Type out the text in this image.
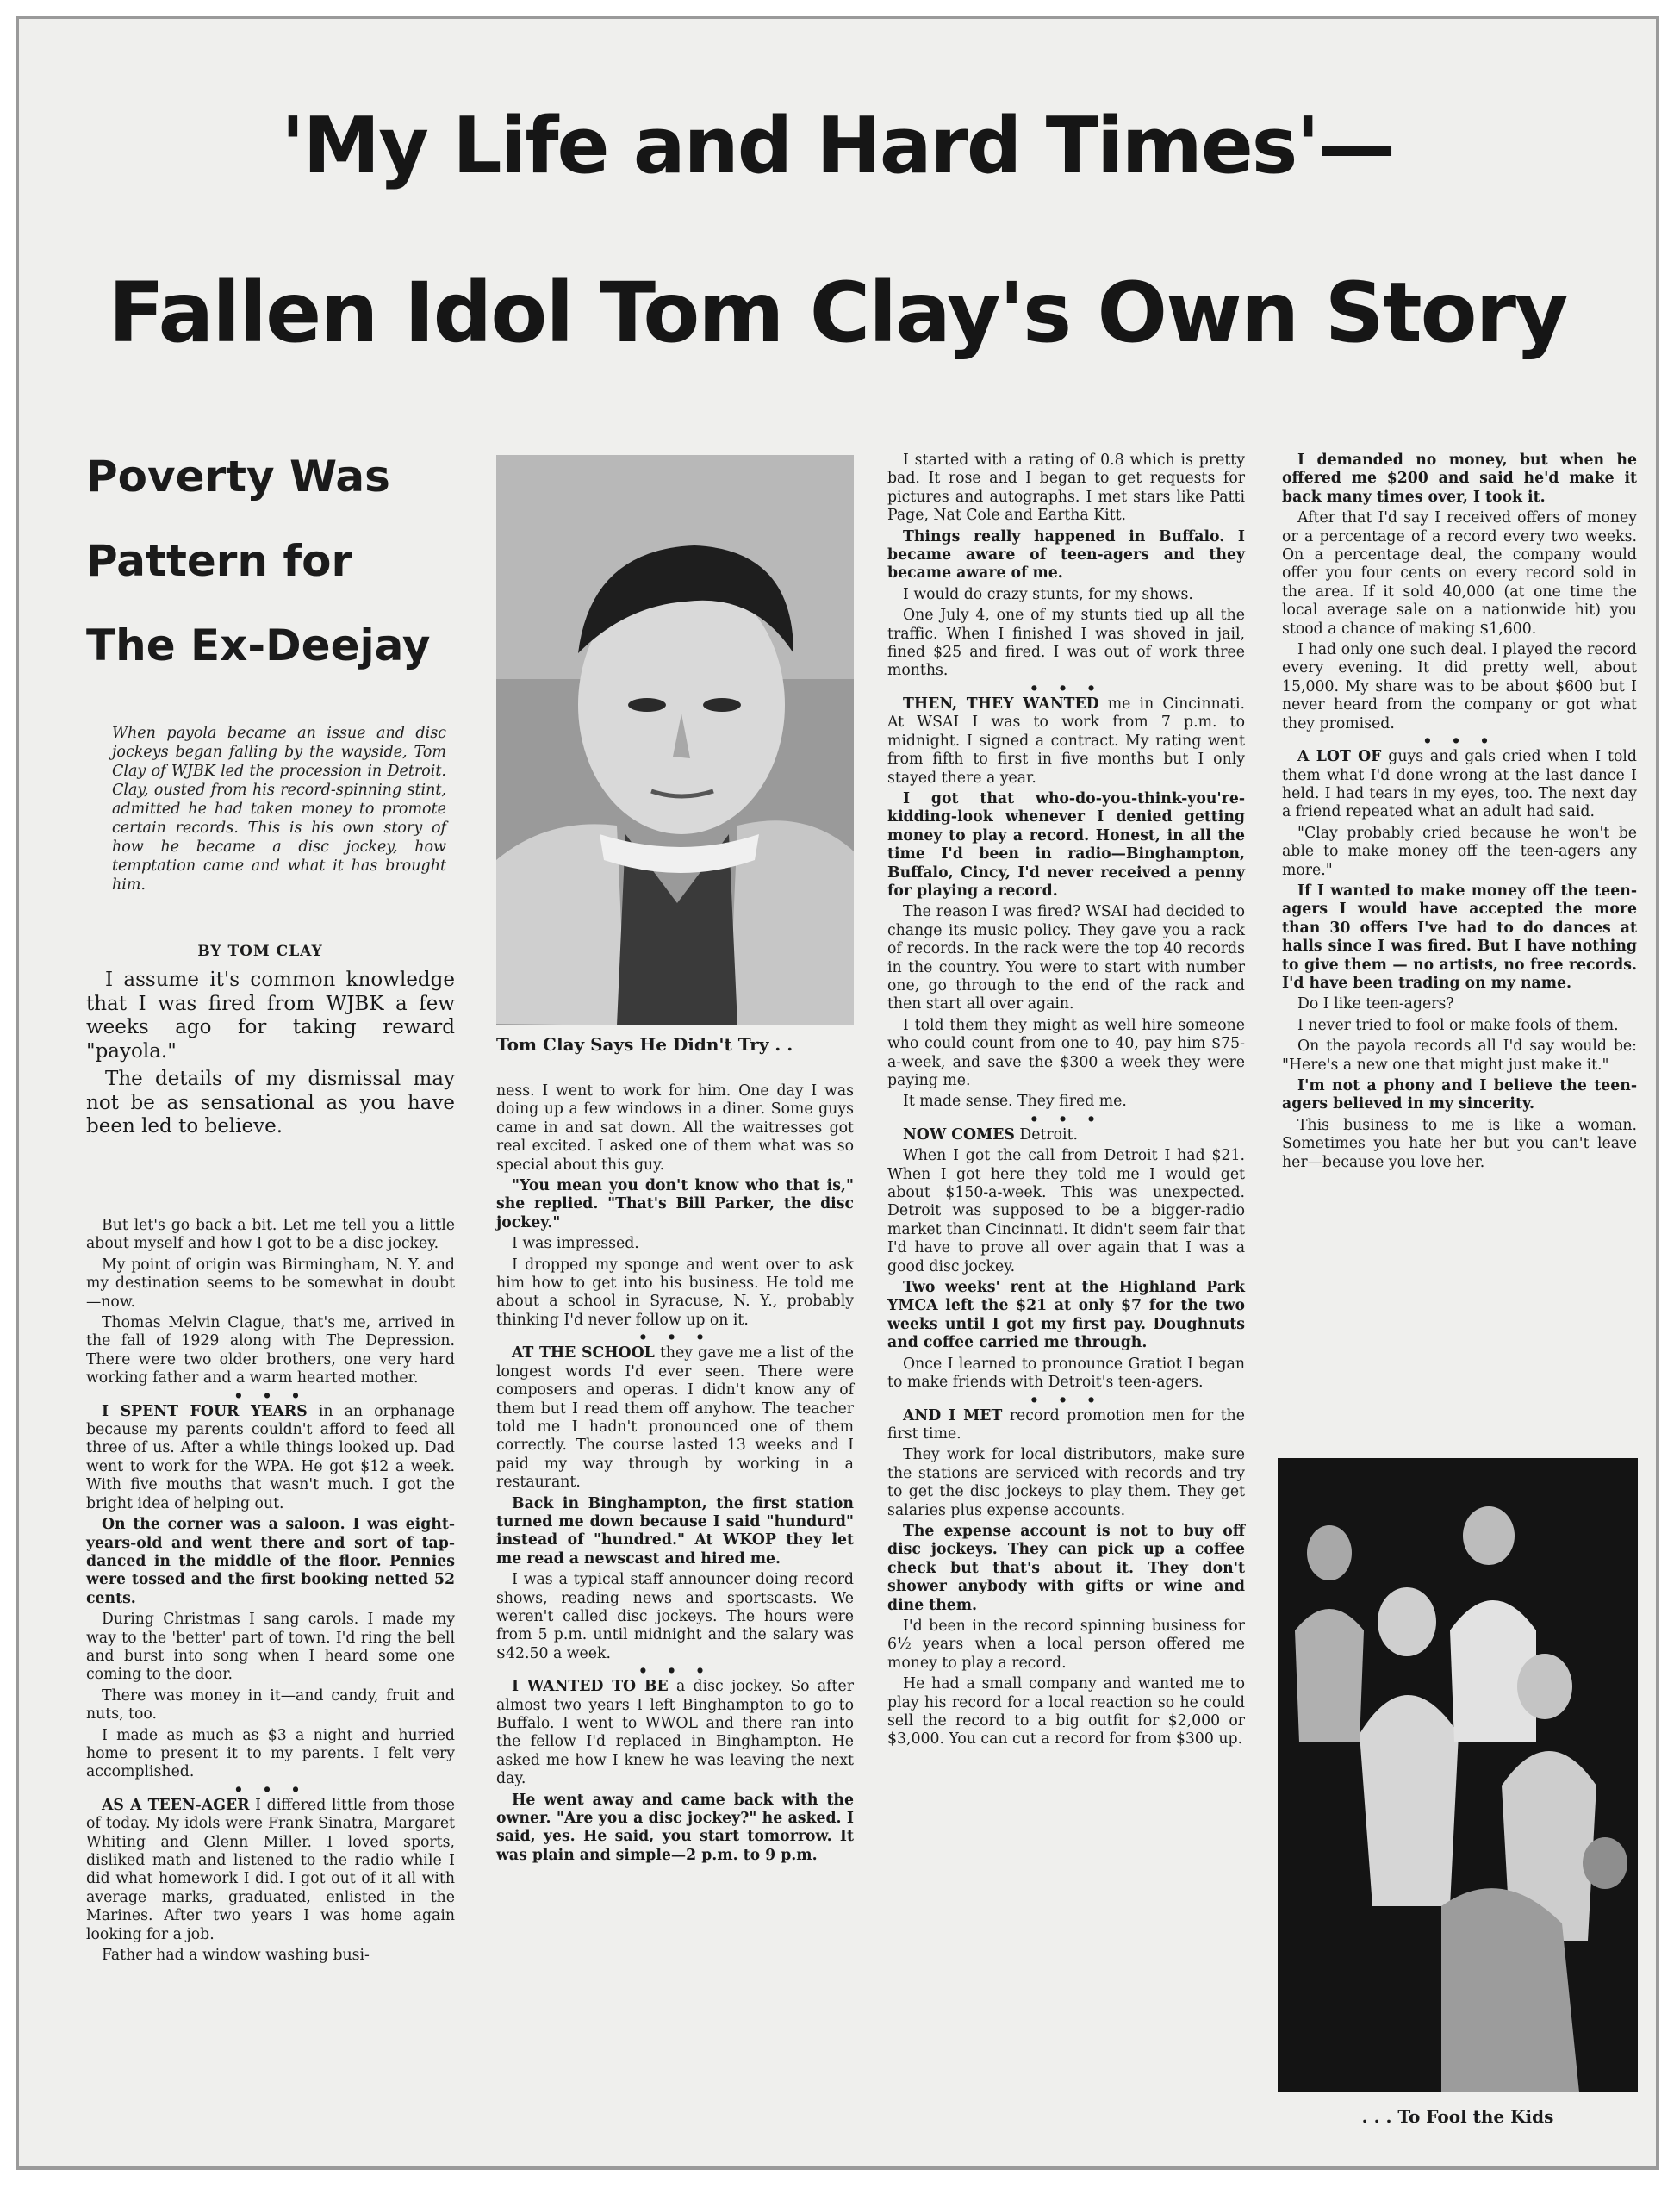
'My Life and Hard Times'—
Fallen Idol Tom Clay's Own Story
Poverty Was Pattern for The Ex-Deejay
When payola became an issue and disc jockeys began falling by the wayside, Tom Clay of WJBK led the procession in Detroit. Clay, ousted from his record-spinning stint, admitted he had taken money to promote certain records. This is his own story of how he became a disc jockey, how temptation came and what it has brought him.
BY TOM CLAY

I assume it's common knowledge that I was fired from WJBK a few weeks ago for taking reward "payola."

The details of my dismissal may not be as sensational as you have been led to believe.

But let's go back a bit. Let me tell you a little about myself and how I got to be a disc jockey.

My point of origin was Birmingham, N. Y. and my destination seems to be somewhat in doubt—now.

Thomas Melvin Clague, that's me, arrived in the fall of 1929 along with The Depression. There were two older brothers, one very hard working father and a warm hearted mother.

• • •

I SPENT FOUR YEARS in an orphanage because my parents couldn't afford to feed all three of us. After a while things looked up. Dad went to work for the WPA. He got $12 a week. With five mouths that wasn't much. I got the bright idea of helping out.

On the corner was a saloon. I was eight-years-old and went there and sort of tap-danced in the middle of the floor. Pennies were tossed and the first booking netted 52 cents.

During Christmas I sang carols. I made my way to the 'better' part of town. I'd ring the bell and burst into song when I heard some one coming to the door.

There was money in it—and candy, fruit and nuts, too.

I made as much as $3 a night and hurried home to present it to my parents. I felt very accomplished.

• • •

AS A TEEN-AGER I differed little from those of today. My idols were Frank Sinatra, Margaret Whiting and Glenn Miller. I loved sports, disliked math and listened to the radio while I did what homework I did. I got out of it all with average marks, graduated, enlisted in the Marines. After two years I was home again looking for a job.

Father had a window washing busi-

ness. I went to work for him. One day I was doing up a few windows in a diner. Some guys came in and sat down. All the waitresses got real excited. I asked one of them what was so special about this guy.

"You mean you don't know who that is," she replied. "That's Bill Parker, the disc jockey."

I was impressed.

I dropped my sponge and went over to ask him how to get into his business. He told me about a school in Syracuse, N. Y., probably thinking I'd never follow up on it.

• • •

AT THE SCHOOL they gave me a list of the longest words I'd ever seen. There were composers and operas. I didn't know any of them but I read them off anyhow. The teacher told me I hadn't pronounced one of them correctly. The course lasted 13 weeks and I paid my way through by working in a restaurant.

Back in Binghampton, the first station turned me down because I said "hundurd" instead of "hundred." At WKOP they let me read a newscast and hired me.

I was a typical staff announcer doing record shows, reading news and sportscasts. We weren't called disc jockeys. The hours were from 5 p.m. until midnight and the salary was $42.50 a week.

• • •

I WANTED TO BE a disc jockey. So after almost two years I left Binghampton to go to Buffalo. I went to WWOL and there ran into the fellow I'd replaced in Binghampton. He asked me how I knew he was leaving the next day.

He went away and came back with the owner. "Are you a disc jockey?" he asked. I said, yes. He said, you start tomorrow. It was plain and simple—2 p.m. to 9 p.m.

I started with a rating of 0.8 which is pretty bad. It rose and I began to get requests for pictures and autographs. I met stars like Patti Page, Nat Cole and Eartha Kitt.

Things really happened in Buffalo. I became aware of teen-agers and they became aware of me.

I would do crazy stunts, for my shows.

One July 4, one of my stunts tied up all the traffic. When I finished I was shoved in jail, fined $25 and fired. I was out of work three months.

• • •

THEN, THEY WANTED me in Cincinnati. At WSAI I was to work from 7 p.m. to midnight. I signed a contract. My rating went from fifth to first in five months but I only stayed there a year.

I got that who-do-you-think-you're-kidding-look whenever I denied getting money to play a record. Honest, in all the time I'd been in radio—Binghampton, Buffalo, Cincy, I'd never received a penny for playing a record.

The reason I was fired? WSAI had decided to change its music policy. They gave you a rack of records. In the rack were the top 40 records in the country. You were to start with number one, go through to the end of the rack and then start all over again.

I told them they might as well hire someone who could count from one to 40, pay him $75-a-week, and save the $300 a week they were paying me.

It made sense. They fired me.

• • •

NOW COMES Detroit.

When I got the call from Detroit I had $21. When I got here they told me I would get about $150-a-week. This was unexpected. Detroit was supposed to be a bigger-radio market than Cincinnati. It didn't seem fair that I'd have to prove all over again that I was a good disc jockey.

Two weeks' rent at the Highland Park YMCA left the $21 at only $7 for the two weeks until I got my first pay. Doughnuts and coffee carried me through.

Once I learned to pronounce Gratiot I began to make friends with Detroit's teen-agers.

• • •

AND I MET record promotion men for the first time.

They work for local distributors, make sure the stations are serviced with records and try to get the disc jockeys to play them. They get salaries plus expense accounts.

The expense account is not to buy off disc jockeys. They can pick up a coffee check but that's about it. They don't shower anybody with gifts or wine and dine them.

I'd been in the record spinning business for 6½ years when a local person offered me money to play a record.

He had a small company and wanted me to play his record for a local reaction so he could sell the record to a big outfit for $2,000 or $3,000. You can cut a record for from $300 up.

I demanded no money, but when he offered me $200 and said he'd make it back many times over, I took it.

After that I'd say I received offers of money or a percentage of a record every two weeks. On a percentage deal, the company would offer you four cents on every record sold in the area. If it sold 40,000 (at one time the local average sale on a nationwide hit) you stood a chance of making $1,600.

I had only one such deal. I played the record every evening. It did pretty well, about 15,000. My share was to be about $600 but I never heard from the company or got what they promised.

• • •

A LOT OF guys and gals cried when I told them what I'd done wrong at the last dance I held. I had tears in my eyes, too. The next day a friend repeated what an adult had said.

"Clay probably cried because he won't be able to make money off the teen-agers any more."

If I wanted to make money off the teen-agers I would have accepted the more than 30 offers I've had to do dances at halls since I was fired. But I have nothing to give them — no artists, no free records. I'd have been trading on my name.

Do I like teen-agers?

I never tried to fool or make fools of them.

On the payola records all I'd say would be: "Here's a new one that might just make it."

I'm not a phony and I believe the teen-agers believed in my sincerity.

This business to me is like a woman. Sometimes you hate her but you can't leave her—because you love her.

Tom Clay Says He Didn't Try . .
. . . To Fool the Kids
